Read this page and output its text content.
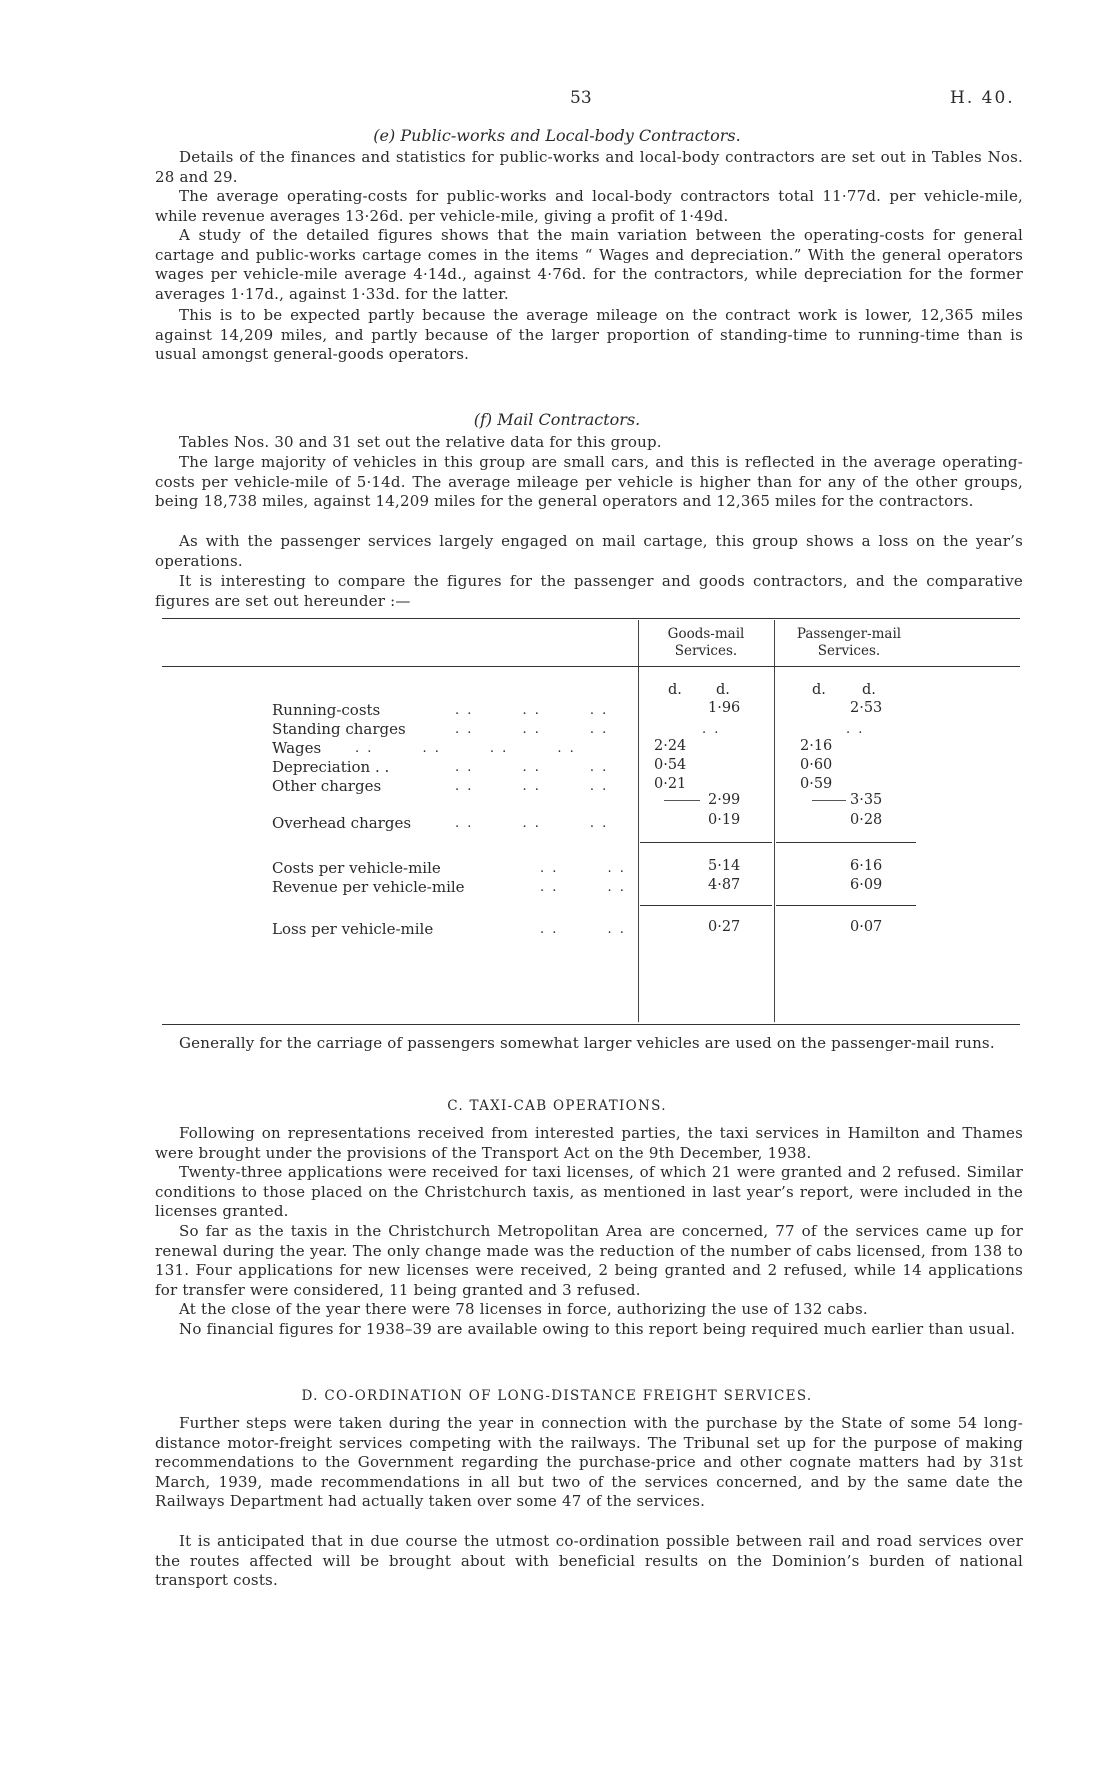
53	H. 40.
(e) Public-works and Local-body Contractors.

Details of the finances and statistics for public-works and local-body contractors are set out in Tables Nos. 28 and 29.

The average operating-costs for public-works and local-body contractors total 11·77d. per vehicle-mile, while revenue averages 13·26d. per vehicle-mile, giving a profit of 1·49d.

A study of the detailed figures shows that the main variation between the operating-costs for general cartage and public-works cartage comes in the items “ Wages and depreciation.” With the general operators wages per vehicle-mile average 4·14d., against 4·76d. for the contractors, while depreciation for the former averages 1·17d., against 1·33d. for the latter.

This is to be expected partly because the average mileage on the contract work is lower, 12,365 miles against 14,209 miles, and partly because of the larger proportion of standing-time to running-time than is usual amongst general-goods operators.

(f) Mail Contractors.

Tables Nos. 30 and 31 set out the relative data for this group.

The large majority of vehicles in this group are small cars, and this is reflected in the average operating-costs per vehicle-mile of 5·14d. The average mileage per vehicle is higher than for any of the other groups, being 18,738 miles, against 14,209 miles for the general operators and 12,365 miles for the contractors.

As with the passenger services largely engaged on mail cartage, this group shows a loss on the year’s operations.

It is interesting to compare the figures for the passenger and goods contractors, and the comparative figures are set out hereunder :—

Goods-mail Services.
Passenger-mail Services.
d. d.	d. d.
Running-costs	. .        . .        . .	1·96	2·53
Standing charges	. .        . .        . .	. .	. .
Wages	. .        . .        . .        . .	2·24	2·16
Depreciation . .	. .        . .        . .	0·54	0·60
Other charges	. .        . .        . .	0·21	0·59
2·99	3·35
Overhead charges	. .        . .        . .	0·19	0·28
Costs per vehicle-mile	. .        . .	5·14	6·16
Revenue per vehicle-mile	. .        . .	4·87	6·09
Loss per vehicle-mile	. .        . .	0·27	0·07

Generally for the carriage of passengers somewhat larger vehicles are used on the passenger-mail runs.

C. TAXI-CAB OPERATIONS.

Following on representations received from interested parties, the taxi services in Hamilton and Thames were brought under the provisions of the Transport Act on the 9th December, 1938.

Twenty-three applications were received for taxi licenses, of which 21 were granted and 2 refused. Similar conditions to those placed on the Christchurch taxis, as mentioned in last year’s report, were included in the licenses granted.

So far as the taxis in the Christchurch Metropolitan Area are concerned, 77 of the services came up for renewal during the year. The only change made was the reduction of the number of cabs licensed, from 138 to 131. Four applications for new licenses were received, 2 being granted and 2 refused, while 14 applications for transfer were considered, 11 being granted and 3 refused.

At the close of the year there were 78 licenses in force, authorizing the use of 132 cabs.

No financial figures for 1938–39 are available owing to this report being required much earlier than usual.

D. CO-ORDINATION OF LONG-DISTANCE FREIGHT SERVICES.

Further steps were taken during the year in connection with the purchase by the State of some 54 long-distance motor-freight services competing with the railways. The Tribunal set up for the purpose of making recommendations to the Government regarding the purchase-price and other cognate matters had by 31st March, 1939, made recommendations in all but two of the services concerned, and by the same date the Railways Department had actually taken over some 47 of the services.

It is anticipated that in due course the utmost co-ordination possible between rail and road services over the routes affected will be brought about with beneficial results on the Dominion’s burden of national transport costs.
